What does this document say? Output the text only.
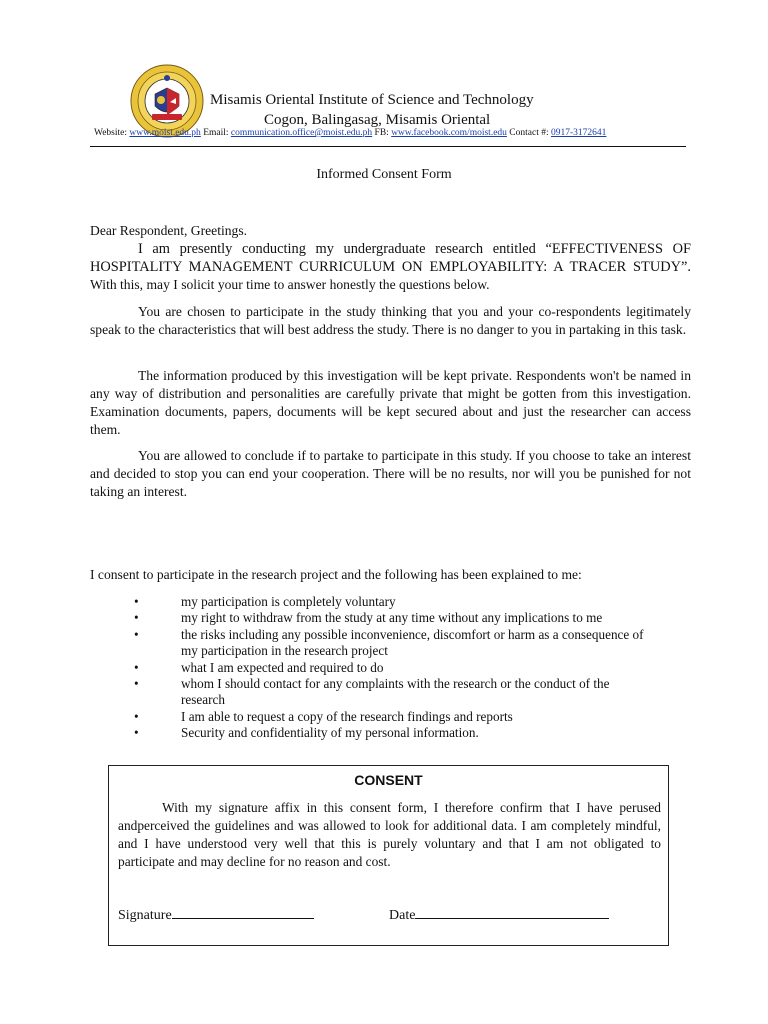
Misamis Oriental Institute of Science and Technology
Cogon, Balingasag, Misamis Oriental
Website: www.moist.edu.ph Email: communication.office@moist.edu.ph FB: www.facebook.com/moist.edu Contact #: 0917-3172641
Informed Consent Form
Dear Respondent, Greetings.
I am presently conducting my undergraduate research entitled “EFFECTIVENESS OF HOSPITALITY MANAGEMENT CURRICULUM ON EMPLOYABILITY: A TRACER STUDY”. With this, may I solicit your time to answer honestly the questions below.
You are chosen to participate in the study thinking that you and your co-respondents legitimately speak to the characteristics that will best address the study. There is no danger to you in partaking in this task.
The information produced by this investigation will be kept private. Respondents won't be named in any way of distribution and personalities are carefully private that might be gotten from this investigation. Examination documents, papers, documents will be kept secured about and just the researcher can access them.
You are allowed to conclude if to partake to participate in this study. If you choose to take an interest and decided to stop you can end your cooperation. There will be no results, nor will you be punished for not taking an interest.
I consent to participate in the research project and the following has been explained to me:
•	my participation is completely voluntary
•	my right to withdraw from the study at any time without any implications to me
•	the risks including any possible inconvenience, discomfort or harm as a consequence of my participation in the research project
•	what I am expected and required to do
•	whom I should contact for any complaints with the research or the conduct of the research
•	I am able to request a copy of the research findings and reports
•	Security and confidentiality of my personal information.
CONSENT
With my signature affix in this consent form, I therefore confirm that I have perused andperceived the guidelines and was allowed to look for additional data. I am completely mindful, and I have understood very well that this is purely voluntary and that I am not obligated to participate and may decline for no reason and cost.
Signature	Date
